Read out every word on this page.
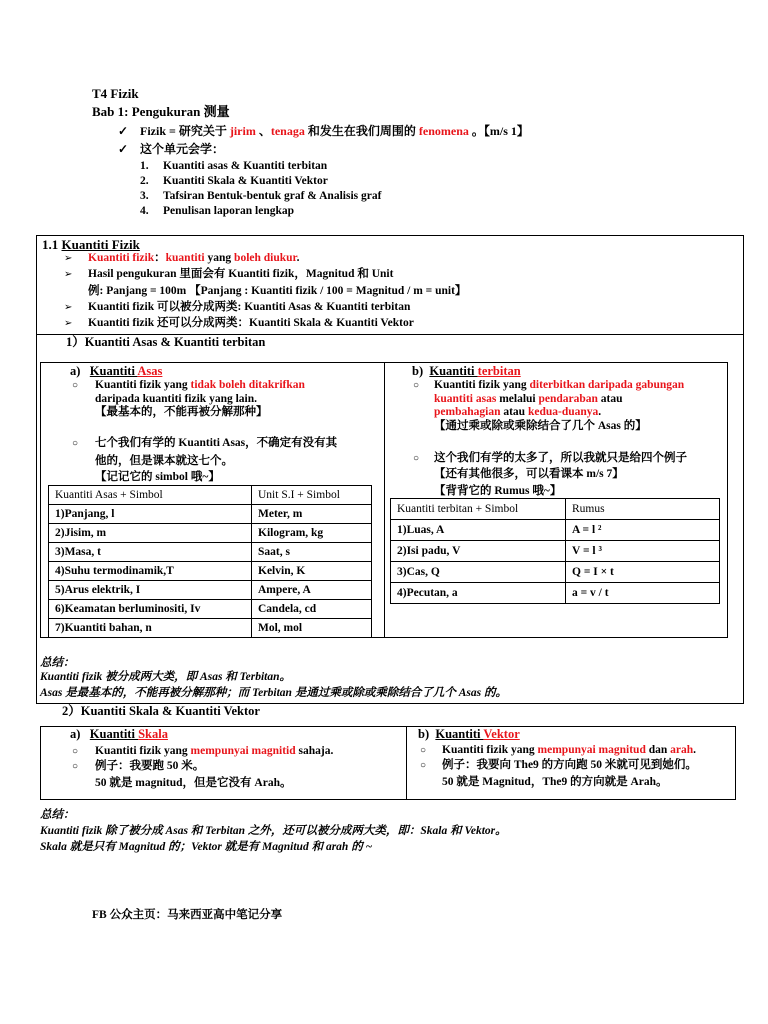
T4 Fizik
Bab 1: Pengukuran 测量
✓ Fizik = 研究关于 jirim 、tenaga 和发生在我们周围的 fenomena 。【m/s 1】
✓ 这个单元会学：
1. Kuantiti asas & Kuantiti terbitan
2. Kuantiti Skala & Kuantiti Vektor
3. Tafsiran Bentuk-bentuk graf & Analisis graf
4. Penulisan laporan lengkap
1.1 Kuantiti Fizik
➢ Kuantiti fizik：kuantiti yang boleh diukur.
➢ Hasil pengukuran 里面会有 Kuantiti fizik，Magnitud 和 Unit
例: Panjang = 100m 【Panjang : Kuantiti fizik / 100 = Magnitud / m = unit】
➢ Kuantiti fizik 可以被分成两类: Kuantiti Asas & Kuantiti terbitan
➢ Kuantiti fizik 还可以分成两类：Kuantiti Skala & Kuantiti Vektor
1）Kuantiti Asas & Kuantiti terbitan
a) Kuantiti Asas
○ Kuantiti fizik yang tidak boleh ditakrifkan
daripada kuantiti fizik yang lain.
【最基本的，不能再被分解那种】
○ 七个我们有学的 Kuantiti Asas，不确定有没有其
他的，但是课本就这七个。
【记记它的 simbol 哦~】
Kuantiti Asas + Simbol	Unit S.I + Simbol
1)Panjang, l	Meter, m
2)Jisim, m	Kilogram, kg
3)Masa, t	Saat, s
4)Suhu termodinamik,T	Kelvin, K
5)Arus elektrik, I	Ampere, A
6)Keamatan berluminositi, Iv	Candela, cd
7)Kuantiti bahan, n	Mol, mol
b) Kuantiti terbitan
○ Kuantiti fizik yang diterbitkan daripada gabungan
kuantiti asas melalui pendaraban atau
pembahagian atau kedua-duanya.
【通过乘或除或乘除结合了几个 Asas 的】
○ 这个我们有学的太多了，所以我就只是给四个例子
【还有其他很多，可以看课本 m/s 7】
【背背它的 Rumus 哦~】
Kuantiti terbitan + Simbol	Rumus
1)Luas, A	A = l ²
2)Isi padu, V	V = l ³
3)Cas, Q	Q = I × t
4)Pecutan, a	a = v / t
总结：
Kuantiti fizik 被分成两大类，即 Asas 和 Terbitan。
Asas 是最基本的，不能再被分解那种；而 Terbitan 是通过乘或除或乘除结合了几个 Asas 的。
2）Kuantiti Skala & Kuantiti Vektor
a) Kuantiti Skala
○ Kuantiti fizik yang mempunyai magnitid sahaja.
○ 例子：我要跑 50 米。
50 就是 magnitud，但是它没有 Arah。
b) Kuantiti Vektor
○ Kuantiti fizik yang mempunyai magnitud dan arah.
○ 例子：我要向 The9 的方向跑 50 米就可见到她们。
50 就是 Magnitud，The9 的方向就是 Arah。
总结：
Kuantiti fizik 除了被分成 Asas 和 Terbitan 之外，还可以被分成两大类，即：Skala 和 Vektor。
Skala 就是只有 Magnitud 的；Vektor 就是有 Magnitud 和 arah 的 ~
FB 公众主页：马来西亚高中笔记分享
